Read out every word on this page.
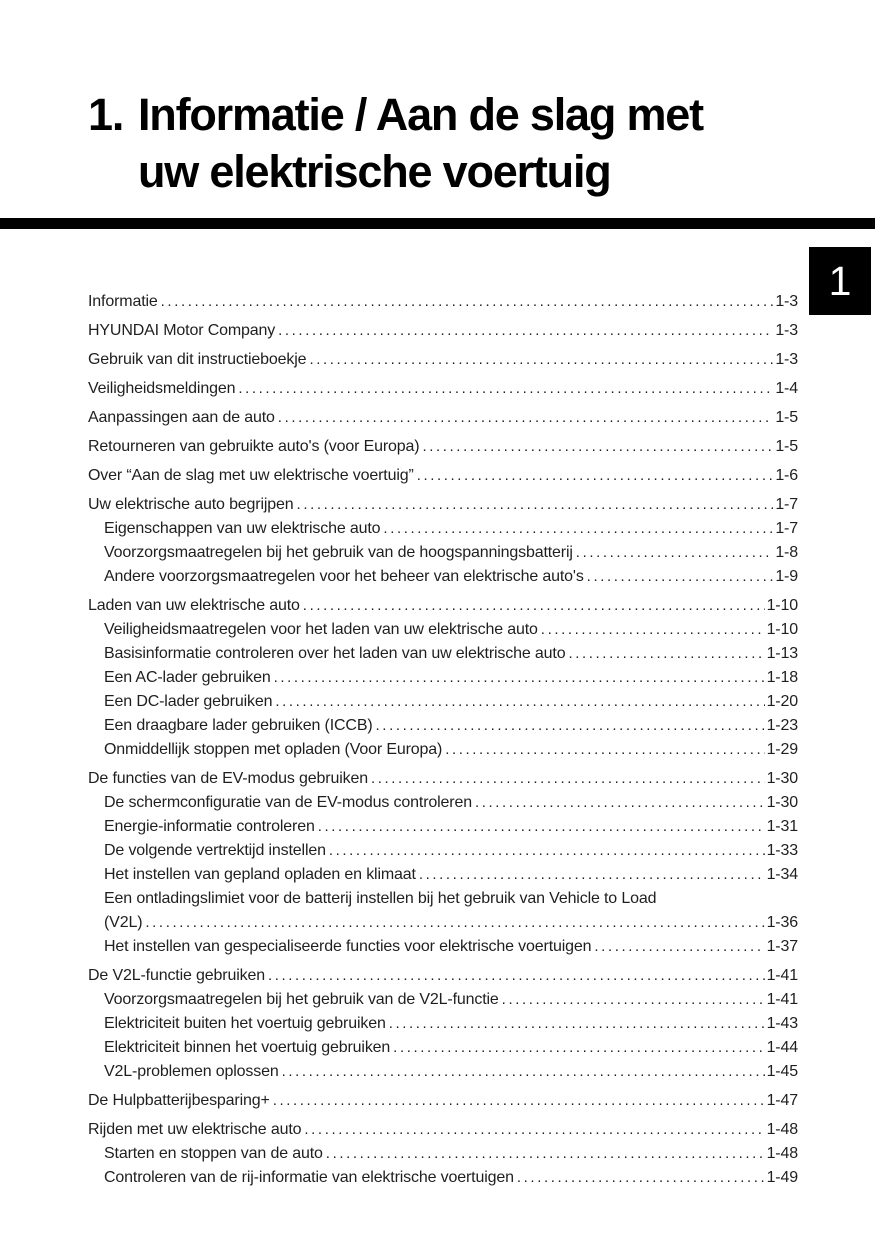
1. Informatie / Aan de slag met
uw elektrische voertuig
1
Informatie .....	1-3
HYUNDAI Motor Company .....	1-3
Gebruik van dit instructieboekje .....	1-3
Veiligheidsmeldingen .....	1-4
Aanpassingen aan de auto .....	1-5
Retourneren van gebruikte auto's (voor Europa) .....	1-5
Over “Aan de slag met uw elektrische voertuig” .....	1-6
Uw elektrische auto begrijpen .....	1-7
Eigenschappen van uw elektrische auto .....	1-7
Voorzorgsmaatregelen bij het gebruik van de hoogspanningsbatterij .....	1-8
Andere voorzorgsmaatregelen voor het beheer van elektrische auto's .....	1-9
Laden van uw elektrische auto .....	1-10
Veiligheidsmaatregelen voor het laden van uw elektrische auto .....	1-10
Basisinformatie controleren over het laden van uw elektrische auto .....	1-13
Een AC-lader gebruiken .....	1-18
Een DC-lader gebruiken .....	1-20
Een draagbare lader gebruiken (ICCB) .....	1-23
Onmiddellijk stoppen met opladen (Voor Europa) .....	1-29
De functies van de EV-modus gebruiken .....	1-30
De schermconfiguratie van de EV-modus controleren .....	1-30
Energie-informatie controleren .....	1-31
De volgende vertrektijd instellen .....	1-33
Het instellen van gepland opladen en klimaat .....	1-34
Een ontladingslimiet voor de batterij instellen bij het gebruik van Vehicle to Load
(V2L) .....	1-36
Het instellen van gespecialiseerde functies voor elektrische voertuigen .....	1-37
De V2L-functie gebruiken .....	1-41
Voorzorgsmaatregelen bij het gebruik van de V2L-functie .....	1-41
Elektriciteit buiten het voertuig gebruiken .....	1-43
Elektriciteit binnen het voertuig gebruiken .....	1-44
V2L-problemen oplossen .....	1-45
De Hulpbatterijbesparing+ .....	1-47
Rijden met uw elektrische auto .....	1-48
Starten en stoppen van de auto .....	1-48
Controleren van de rij-informatie van elektrische voertuigen .....	1-49
